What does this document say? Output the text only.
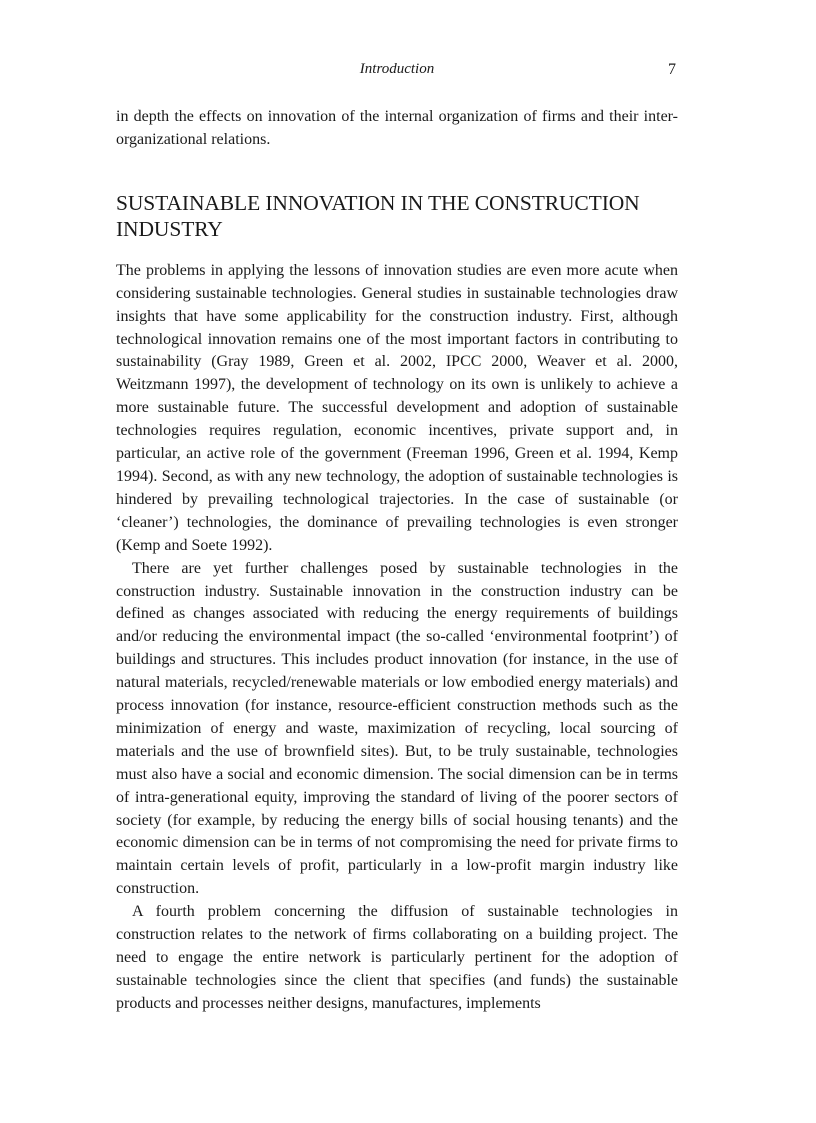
Introduction	7

in depth the effects on innovation of the internal organization of firms and their inter-organizational relations.

SUSTAINABLE INNOVATION IN THE CONSTRUCTION INDUSTRY

The problems in applying the lessons of innovation studies are even more acute when considering sustainable technologies. General studies in sustainable technologies draw insights that have some applicability for the construction industry. First, although technological innovation remains one of the most important factors in contributing to sustainability (Gray 1989, Green et al. 2002, IPCC 2000, Weaver et al. 2000, Weitzmann 1997), the development of technology on its own is unlikely to achieve a more sustainable future. The successful development and adoption of sustainable technologies requires regulation, economic incentives, private support and, in particular, an active role of the government (Freeman 1996, Green et al. 1994, Kemp 1994). Second, as with any new technology, the adoption of sustainable technologies is hindered by prevailing technological trajectories. In the case of sustainable (or ‘cleaner’) technologies, the dominance of prevailing technologies is even stronger (Kemp and Soete 1992).

There are yet further challenges posed by sustainable technologies in the construction industry. Sustainable innovation in the construction industry can be defined as changes associated with reducing the energy requirements of buildings and/or reducing the environmental impact (the so-called ‘environmental footprint’) of buildings and structures. This includes product innovation (for instance, in the use of natural materials, recycled/renewable materials or low embodied energy materials) and process innovation (for instance, resource-efficient construction methods such as the minimization of energy and waste, maximization of recycling, local sourcing of materials and the use of brownfield sites). But, to be truly sustainable, technologies must also have a social and economic dimension. The social dimension can be in terms of intra-generational equity, improving the standard of living of the poorer sectors of society (for example, by reducing the energy bills of social housing tenants) and the economic dimension can be in terms of not compromising the need for private firms to maintain certain levels of profit, particularly in a low-profit margin industry like construction.

A fourth problem concerning the diffusion of sustainable technologies in construction relates to the network of firms collaborating on a building project. The need to engage the entire network is particularly pertinent for the adoption of sustainable technologies since the client that specifies (and funds) the sustainable products and processes neither designs, manufactures, implements
